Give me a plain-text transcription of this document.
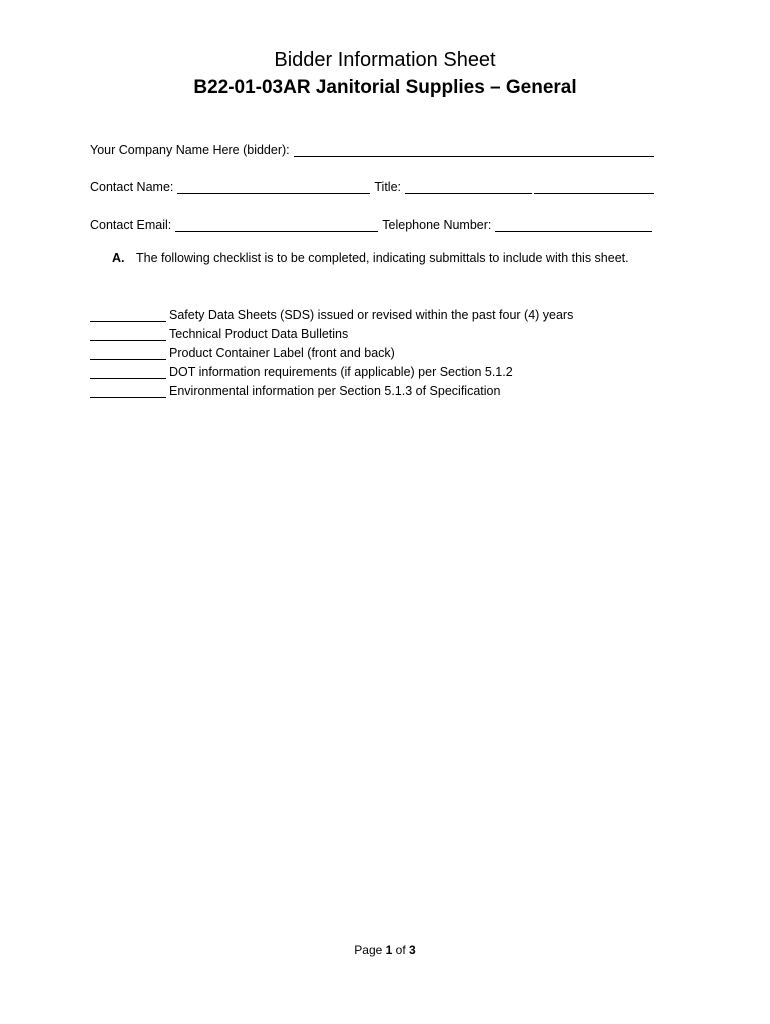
Bidder Information Sheet
B22-01-03AR Janitorial Supplies – General
Your Company Name Here (bidder):
Contact Name:	Title:
Contact Email:	Telephone Number:
A. The following checklist is to be completed, indicating submittals to include with this sheet.
Safety Data Sheets (SDS) issued or revised within the past four (4) years
Technical Product Data Bulletins
Product Container Label (front and back)
DOT information requirements (if applicable) per Section 5.1.2
Environmental information per Section 5.1.3 of Specification
Page 1 of 3
